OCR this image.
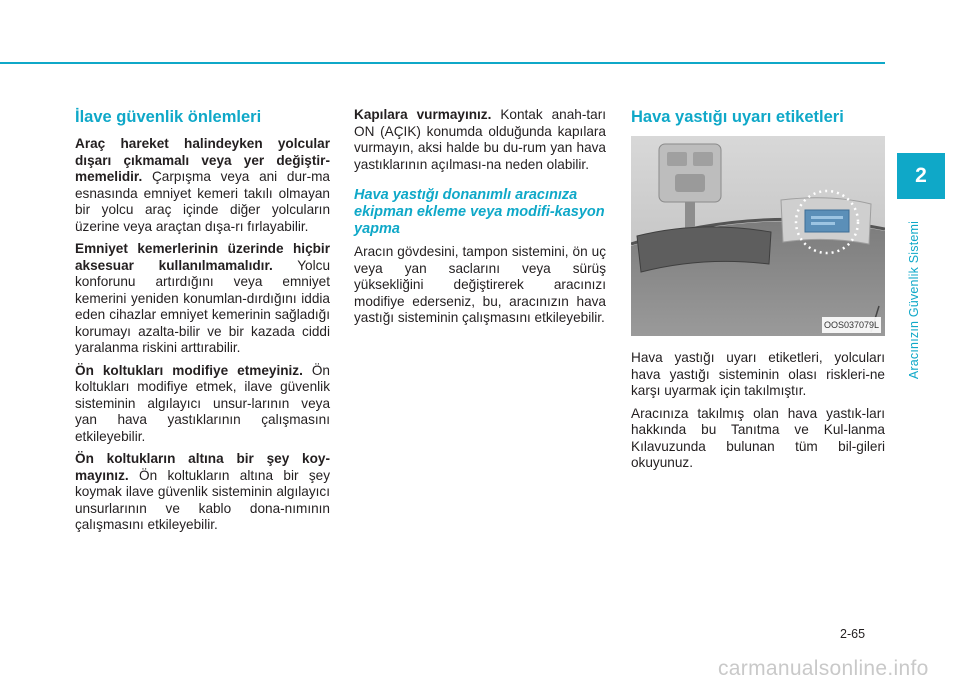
İlave güvenlik önlemleri

Araç hareket halindeyken yolcular dışarı çıkmamalı veya yer değiştir-memelidir. Çarpışma veya ani dur-ma esnasında emniyet kemeri takılı olmayan bir yolcu araç içinde diğer yolcuların üzerine veya araçtan dışa-rı fırlayabilir.

Emniyet kemerlerinin üzerinde hiçbir aksesuar kullanılmamalıdır. Yolcu konforunu artırdığını veya emniyet kemerini yeniden konumlan-dırdığını iddia eden cihazlar emniyet kemerinin sağladığı korumayı azalta-bilir ve bir kazada ciddi yaralanma riskini arttırabilir.

Ön koltukları modifiye etmeyiniz. Ön koltukları modifiye etmek, ilave güvenlik sisteminin algılayıcı unsur-larının veya yan hava yastıklarının çalışmasını etkileyebilir.

Ön koltukların altına bir şey koy-mayınız. Ön koltukların altına bir şey koymak ilave güvenlik sisteminin algılayıcı unsurlarının ve kablo dona-nımının çalışmasını etkileyebilir.

Kapılara vurmayınız. Kontak anah-tarı ON (AÇIK) konumda olduğunda kapılara vurmayın, aksi halde bu du-rum yan hava yastıklarının açılması-na neden olabilir.

Hava yastığı donanımlı aracınıza ekipman ekleme veya modifi-kasyon yapma

Aracın gövdesini, tampon sistemini, ön uç veya yan saclarını veya sürüş yüksekliğini değiştirerek aracınızı modifiye ederseniz, bu, aracınızın hava yastığı sisteminin çalışmasını etkileyebilir.

Hava yastığı uyarı etiketleri
OOS037079L

Hava yastığı uyarı etiketleri, yolcuları hava yastığı sisteminin olası riskleri-ne karşı uyarmak için takılmıştır.

Aracınıza takılmış olan hava yastık-ları hakkında bu Tanıtma ve Kul-lanma Kılavuzunda bulunan tüm bil-gileri okuyunuz.

2
Aracınızın Güvenlik Sistemi
2-65
carmanualsonline.info
